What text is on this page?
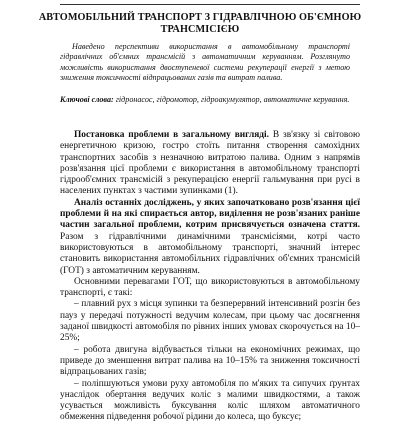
АВТОМОБІЛЬНИЙ ТРАНСПОРТ З ГІДРАВЛІЧНОЮ ОБ'ЄМНОЮ ТРАНСМІСІЄЮ
Наведено перспективи використання в автомобільному транспорті гідравлічних об'ємних трансмісій з автоматичним керуванням. Розглянуто можливість використання двоступеневої системи рекуперації енергії з метою зниження токсичності відпрацьованих газів та витрат палива.
Ключові слова: гідронасос, гідромотор, гідроакумулятор, автоматичне керування.

Постановка проблеми в загальному вигляді. В зв'язку зі світовою енергетичною кризою, гостро стоїть питання створення самохідних транспортних засобів з незначною витратою палива. Одним з напрямів розв'язання цієї проблеми є використання в автомобільному транспорті гідрооб'ємних трансмісій з рекуперацією енергії гальмування при русі в населених пунктах з частими зупинками (1).

Аналіз останніх досліджень, у яких започатковано розв'язання цієї проблеми й на які спирається автор, виділення не розв'язаних раніше частин загальної проблеми, котрим присвячується означена стаття. Разом з гідравлічними динамічними трансмісіями, котрі часто використовуються в автомобільному транспорті, значний інтерес становить використання автомобільних гідравлічних об'ємних трансмісій (ГОТ) з автоматичним керуванням.

Основними перевагами ГОТ, що використовуються в автомобільному транспорті, є такі:

– плавний рух з місця зупинки та безперервний інтенсивний розгін без пауз у передачі потужності ведучим колесам, при цьому час досягнення заданої швидкості автомобіля по рівних інших умовах скорочується на 10–25%;

– робота двигуна відбувається тільки на економічних режимах, що приведе до зменшення витрат палива на 10–15% та зниження токсичності відпрацьованих газів;

– поліпшуються умови руху автомобіля по м'яких та сипучих ґрунтах унаслідок обертання ведучих коліс з малими швидкостями, а також усувається можливість буксування коліс шляхом автоматичного обмеження підведення робочої рідини до колеса, що буксує;
